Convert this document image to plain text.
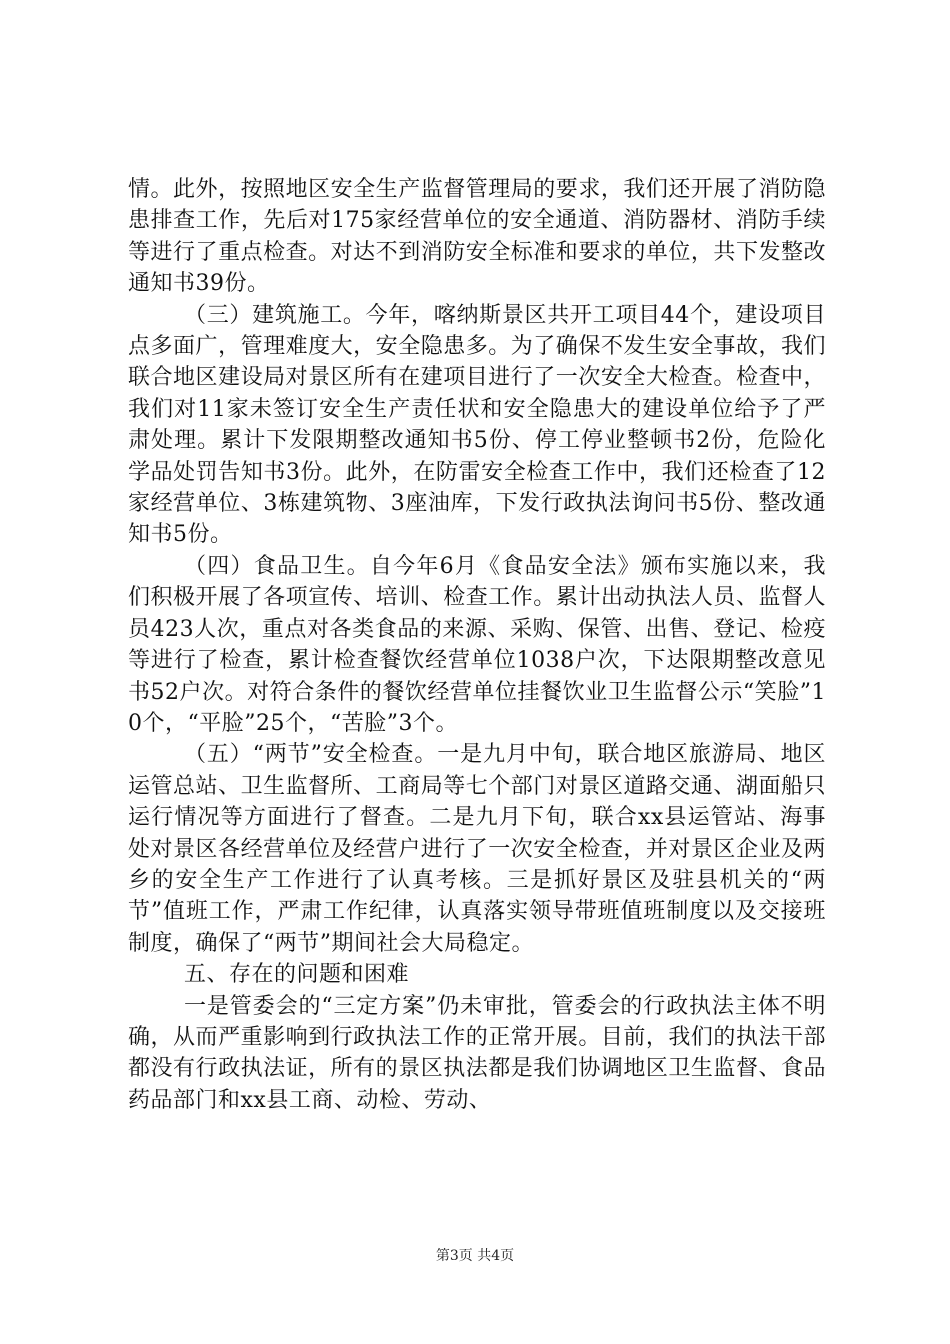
情。此外，按照地区安全生产监督管理局的要求，我们还开展了消防隐患排查工作，先后对175家经营单位的安全通道、消防器材、消防手续等进行了重点检查。对达不到消防安全标准和要求的单位，共下发整改通知书39份。

（三）建筑施工。今年，喀纳斯景区共开工项目44个，建设项目点多面广，管理难度大，安全隐患多。为了确保不发生安全事故，我们联合地区建设局对景区所有在建项目进行了一次安全大检查。检查中，我们对11家未签订安全生产责任状和安全隐患大的建设单位给予了严肃处理。累计下发限期整改通知书5份、停工停业整顿书2份，危险化学品处罚告知书3份。此外，在防雷安全检查工作中，我们还检查了12家经营单位、3栋建筑物、3座油库，下发行政执法询问书5份、整改通知书5份。

（四）食品卫生。自今年6月《食品安全法》颁布实施以来，我们积极开展了各项宣传、培训、检查工作。累计出动执法人员、监督人员423人次，重点对各类食品的来源、采购、保管、出售、登记、检疫等进行了检查，累计检查餐饮经营单位1038户次，下达限期整改意见书52户次。对符合条件的餐饮经营单位挂餐饮业卫生监督公示“笑脸”10个，“平脸”25个，“苦脸”3个。

（五）“两节”安全检查。一是九月中旬，联合地区旅游局、地区运管总站、卫生监督所、工商局等七个部门对景区道路交通、湖面船只运行情况等方面进行了督查。二是九月下旬，联合xx县运管站、海事处对景区各经营单位及经营户进行了一次安全检查，并对景区企业及两乡的安全生产工作进行了认真考核。三是抓好景区及驻县机关的“两节”值班工作，严肃工作纪律，认真落实领导带班值班制度以及交接班制度，确保了“两节”期间社会大局稳定。

五、存在的问题和困难

一是管委会的“三定方案”仍未审批，管委会的行政执法主体不明确，从而严重影响到行政执法工作的正常开展。目前，我们的执法干部都没有行政执法证，所有的景区执法都是我们协调地区卫生监督、食品药品部门和xx县工商、动检、劳动、

第3页 共4页
